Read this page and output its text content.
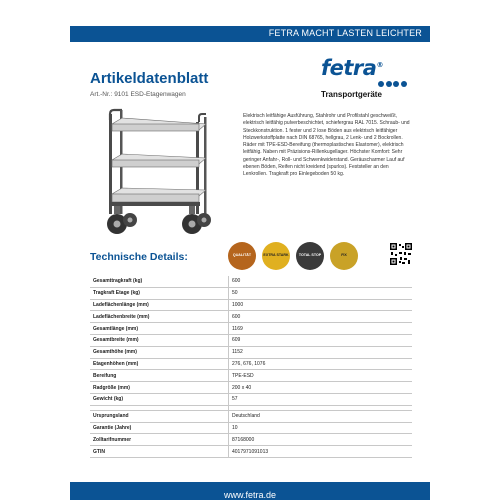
FETRA MACHT LASTEN LEICHTER
Artikeldatenblatt
Art.-Nr.: 9101 ESD-Etagenwagen
fetra®
Transportgeräte
Elektrisch leitfähige Ausführung, Stahlrohr und Profilstahl geschweißt, elektrisch leitfähig pulverbeschichtet, schiefergrau RAL 7015. Schraub- und Steckkonstruktion. 1 fester und 2 lose Böden aus elektrisch leitfähiger Holzwerkstoffplatte nach DIN 68765, hellgrau, 2 Lenk- und 2 Bockrollen. Räder mit TPE-ESD-Bereifung (thermoplastisches Elastomer), elektrisch leitfähig. Naben mit Präzisions-Rillenkugellager. Höchster Komfort: Sehr geringer Anfahr-, Roll- und Schwenkwiderstand. Geräuscharmer Lauf auf ebenen Böden, Reifen nicht kreidend (spurlos). Feststeller an den Lenkrollen. Tragkraft pro Einlegeboden 50 kg.
Technische Details:	QUALITÄT	EXTRA STARK	TOTAL STOP	FIX
Gesamttragkraft (kg)	600
Tragkraft Etage (kg)	50
Ladeflächenlänge (mm)	1000
Ladeflächenbreite (mm)	600
Gesamtlänge (mm)	1169
Gesamtbreite (mm)	609
Gesamthöhe (mm)	1152
Etagenhöhen (mm)	276, 676, 1076
Bereifung	TPE-ESD
Radgröße (mm)	200 x 40
Gewicht (kg)	57

Ursprungsland	Deutschland
Garantie (Jahre)	10
Zolltarifnummer	87168000
GTIN	4017971091013
www.fetra.de
